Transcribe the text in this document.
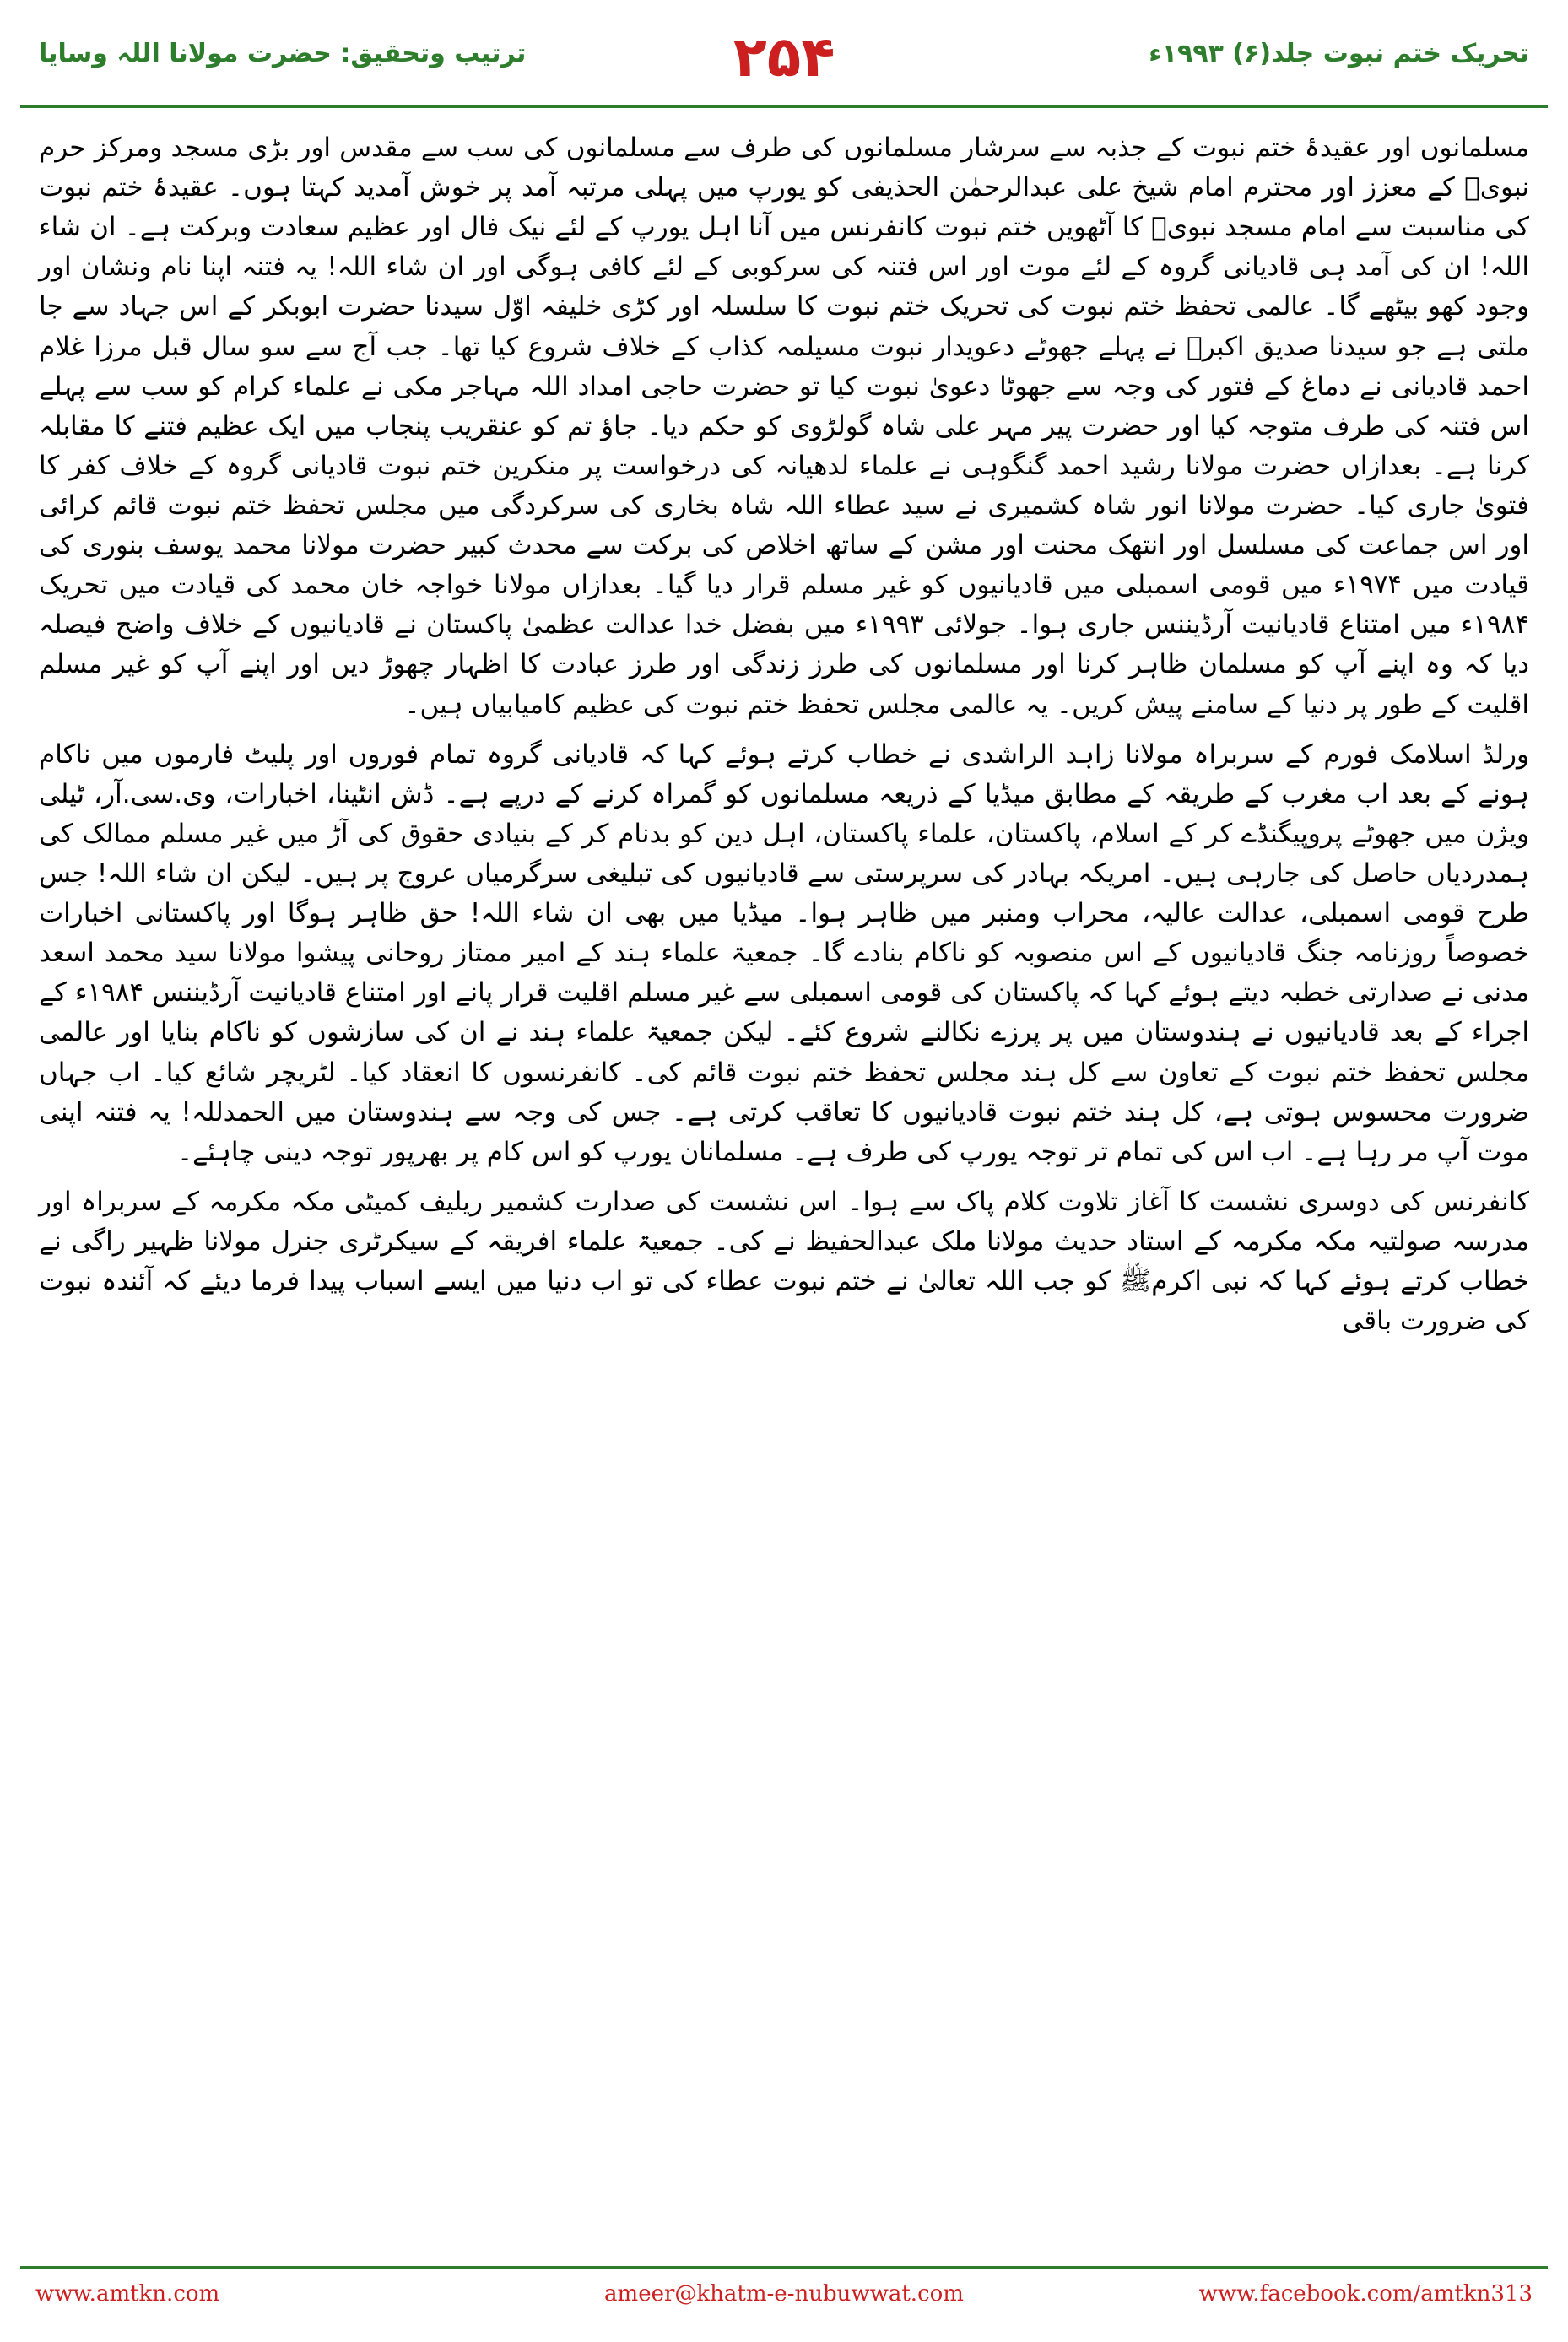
ترتیب وتحقیق: حضرت مولانا اللہ وسایا	۲۵۴	تحریک ختم نبوت جلد(۶) ۱۹۹۳ء

مسلمانوں اور عقیدۂ ختم نبوت کے جذبہ سے سرشار مسلمانوں کی طرف سے مسلمانوں کی سب سے مقدس اور بڑی مسجد ومرکز حرم نبویﷺ کے معزز اور محترم امام شیخ علی عبدالرحمٰن الحذیفی کو یورپ میں پہلی مرتبہ آمد پر خوش آمدید کہتا ہوں۔ عقیدۂ ختم نبوت کی مناسبت سے امام مسجد نبویﷺ کا آٹھویں ختم نبوت کانفرنس میں آنا اہل یورپ کے لئے نیک فال اور عظیم سعادت وبرکت ہے۔ ان شاء اللہ! ان کی آمد ہی قادیانی گروہ کے لئے موت اور اس فتنہ کی سرکوبی کے لئے کافی ہوگی اور ان شاء اللہ! یہ فتنہ اپنا نام ونشان اور وجود کھو بیٹھے گا۔ عالمی تحفظ ختم نبوت کی تحریک ختم نبوت کا سلسلہ اور کڑی خلیفہ اوّل سیدنا حضرت ابوبکر کے اس جہاد سے جا ملتی ہے جو سیدنا صدیق اکبرؓ نے پہلے جھوٹے دعویدار نبوت مسیلمہ کذاب کے خلاف شروع کیا تھا۔ جب آج سے سو سال قبل مرزا غلام احمد قادیانی نے دماغ کے فتور کی وجہ سے جھوٹا دعویٰ نبوت کیا تو حضرت حاجی امداد اللہ مہاجر مکی نے علماء کرام کو سب سے پہلے اس فتنہ کی طرف متوجہ کیا اور حضرت پیر مہر علی شاہ گولڑوی کو حکم دیا۔ جاؤ تم کو عنقریب پنجاب میں ایک عظیم فتنے کا مقابلہ کرنا ہے۔ بعدازاں حضرت مولانا رشید احمد گنگوہی نے علماء لدھیانہ کی درخواست پر منکرین ختم نبوت قادیانی گروہ کے خلاف کفر کا فتویٰ جاری کیا۔ حضرت مولانا انور شاہ کشمیری نے سید عطاء اللہ شاہ بخاری کی سرکردگی میں مجلس تحفظ ختم نبوت قائم کرائی اور اس جماعت کی مسلسل اور انتھک محنت اور مشن کے ساتھ اخلاص کی برکت سے محدث کبیر حضرت مولانا محمد یوسف بنوری کی قیادت میں ۱۹۷۴ء میں قومی اسمبلی میں قادیانیوں کو غیر مسلم قرار دیا گیا۔ بعدازاں مولانا خواجہ خان محمد کی قیادت میں تحریک ۱۹۸۴ء میں امتناع قادیانیت آرڈیننس جاری ہوا۔ جولائی ۱۹۹۳ء میں بفضل خدا عدالت عظمیٰ پاکستان نے قادیانیوں کے خلاف واضح فیصلہ دیا کہ وہ اپنے آپ کو مسلمان ظاہر کرنا اور مسلمانوں کی طرز زندگی اور طرز عبادت کا اظہار چھوڑ دیں اور اپنے آپ کو غیر مسلم اقلیت کے طور پر دنیا کے سامنے پیش کریں۔ یہ عالمی مجلس تحفظ ختم نبوت کی عظیم کامیابیاں ہیں۔

ورلڈ اسلامک فورم کے سربراہ مولانا زاہد الراشدی نے خطاب کرتے ہوئے کہا کہ قادیانی گروہ تمام فوروں اور پلیٹ فارموں میں ناکام ہونے کے بعد اب مغرب کے طریقہ کے مطابق میڈیا کے ذریعہ مسلمانوں کو گمراہ کرنے کے درپے ہے۔ ڈش انٹینا، اخبارات، وی.سی.آر، ٹیلی ویژن میں جھوٹے پروپیگنڈے کر کے اسلام، پاکستان، علماء پاکستان، اہل دین کو بدنام کر کے بنیادی حقوق کی آڑ میں غیر مسلم ممالک کی ہمدردیاں حاصل کی جارہی ہیں۔ امریکہ بہادر کی سرپرستی سے قادیانیوں کی تبلیغی سرگرمیاں عروج پر ہیں۔ لیکن ان شاء اللہ! جس طرح قومی اسمبلی، عدالت عالیہ، محراب ومنبر میں ظاہر ہوا۔ میڈیا میں بھی ان شاء اللہ! حق ظاہر ہوگا اور پاکستانی اخبارات خصوصاً روزنامہ جنگ قادیانیوں کے اس منصوبہ کو ناکام بنادے گا۔ جمعیۃ علماء ہند کے امیر ممتاز روحانی پیشوا مولانا سید محمد اسعد مدنی نے صدارتی خطبہ دیتے ہوئے کہا کہ پاکستان کی قومی اسمبلی سے غیر مسلم اقلیت قرار پانے اور امتناع قادیانیت آرڈیننس ۱۹۸۴ء کے اجراء کے بعد قادیانیوں نے ہندوستان میں پر پرزے نکالنے شروع کئے۔ لیکن جمعیۃ علماء ہند نے ان کی سازشوں کو ناکام بنایا اور عالمی مجلس تحفظ ختم نبوت کے تعاون سے کل ہند مجلس تحفظ ختم نبوت قائم کی۔ کانفرنسوں کا انعقاد کیا۔ لٹریچر شائع کیا۔ اب جہاں ضرورت محسوس ہوتی ہے، کل ہند ختم نبوت قادیانیوں کا تعاقب کرتی ہے۔ جس کی وجہ سے ہندوستان میں الحمدللہ! یہ فتنہ اپنی موت آپ مر رہا ہے۔ اب اس کی تمام تر توجہ یورپ کی طرف ہے۔ مسلمانان یورپ کو اس کام پر بھرپور توجہ دینی چاہئے۔

کانفرنس کی دوسری نشست کا آغاز تلاوت کلام پاک سے ہوا۔ اس نشست کی صدارت کشمیر ریلیف کمیٹی مکہ مکرمہ کے سربراہ اور مدرسہ صولتیہ مکہ مکرمہ کے استاد حدیث مولانا ملک عبدالحفیظ نے کی۔ جمعیۃ علماء افریقہ کے سیکرٹری جنرل مولانا ظہیر راگی نے خطاب کرتے ہوئے کہا کہ نبی اکرمﷺ کو جب اللہ تعالیٰ نے ختم نبوت عطاء کی تو اب دنیا میں ایسے اسباب پیدا فرما دیئے کہ آئندہ نبوت کی ضرورت باقی

www.amtkn.com	ameer@khatm-e-nubuwwat.com	www.facebook.com/amtkn313
